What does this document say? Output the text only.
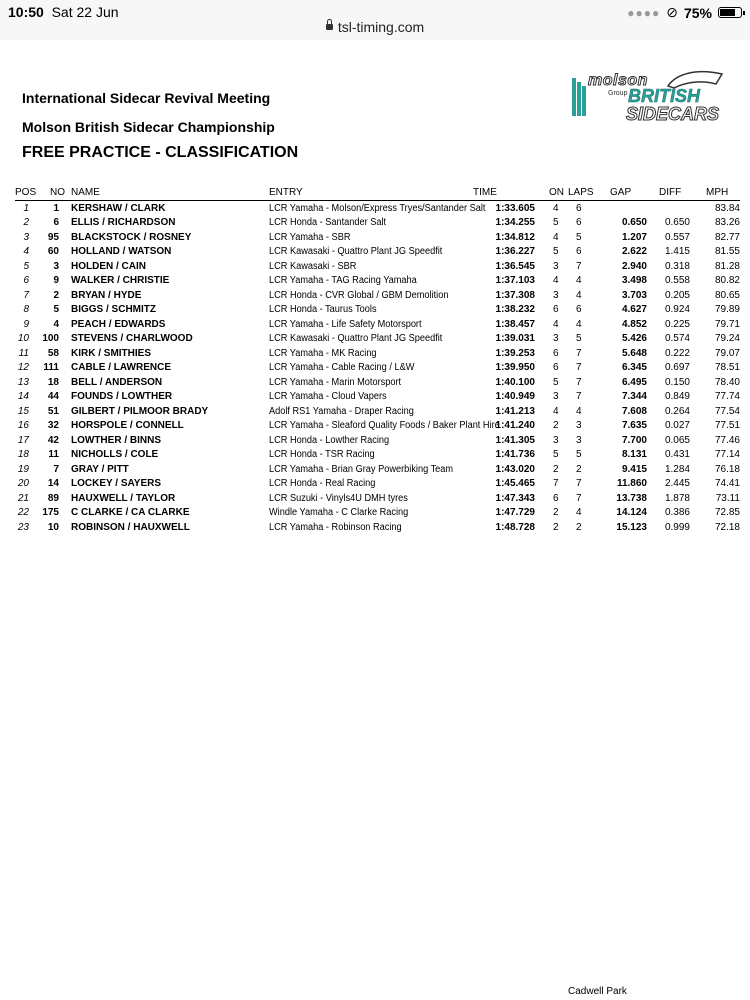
10:50 Sat 22 Jun	●●●● ⊘ 75%
tsl-timing.com
International Sidecar Revival Meeting
Molson British Sidecar Championship
FREE PRACTICE - CLASSIFICATION
molson
Group BRITISH
SIDECARS
POS	NO	NAME	ENTRY	TIME	ON	LAPS	GAP	DIFF	MPH
1	1	KERSHAW / CLARK	LCR Yamaha - Molson/Express Tryes/Santander Salt	1:33.605	4	6			83.84
2	6	ELLIS / RICHARDSON	LCR Honda - Santander Salt	1:34.255	5	6	0.650	0.650	83.26
3	95	BLACKSTOCK / ROSNEY	LCR Yamaha - SBR	1:34.812	4	5	1.207	0.557	82.77
4	60	HOLLAND / WATSON	LCR Kawasaki - Quattro Plant JG Speedfit	1:36.227	5	6	2.622	1.415	81.55
5	3	HOLDEN / CAIN	LCR Kawasaki - SBR	1:36.545	3	7	2.940	0.318	81.28
6	9	WALKER / CHRISTIE	LCR Yamaha - TAG Racing Yamaha	1:37.103	4	4	3.498	0.558	80.82
7	2	BRYAN / HYDE	LCR Honda - CVR Global / GBM Demolition	1:37.308	3	4	3.703	0.205	80.65
8	5	BIGGS / SCHMITZ	LCR Honda - Taurus Tools	1:38.232	6	6	4.627	0.924	79.89
9	4	PEACH / EDWARDS	LCR Yamaha - Life Safety Motorsport	1:38.457	4	4	4.852	0.225	79.71
10	100	STEVENS / CHARLWOOD	LCR Kawasaki - Quattro Plant JG Speedfit	1:39.031	3	5	5.426	0.574	79.24
11	58	KIRK / SMITHIES	LCR Yamaha - MK Racing	1:39.253	6	7	5.648	0.222	79.07
12	111	CABLE / LAWRENCE	LCR Yamaha - Cable Racing / L&W	1:39.950	6	7	6.345	0.697	78.51
13	18	BELL / ANDERSON	LCR Yamaha - Marin Motorsport	1:40.100	5	7	6.495	0.150	78.40
14	44	FOUNDS / LOWTHER	LCR Yamaha - Cloud Vapers	1:40.949	3	7	7.344	0.849	77.74
15	51	GILBERT / PILMOOR BRADY	Adolf RS1 Yamaha - Draper Racing	1:41.213	4	4	7.608	0.264	77.54
16	32	HORSPOLE / CONNELL	LCR Yamaha - Sleaford Quality Foods / Baker Plant Hire	1:41.240	2	3	7.635	0.027	77.51
17	42	LOWTHER / BINNS	LCR Honda - Lowther Racing	1:41.305	3	3	7.700	0.065	77.46
18	11	NICHOLLS / COLE	LCR Honda - TSR Racing	1:41.736	5	5	8.131	0.431	77.14
19	7	GRAY / PITT	LCR Yamaha - Brian Gray Powerbiking Team	1:43.020	2	2	9.415	1.284	76.18
20	14	LOCKEY / SAYERS	LCR Honda - Real Racing	1:45.465	7	7	11.860	2.445	74.41
21	89	HAUXWELL / TAYLOR	LCR Suzuki - Vinyls4U DMH tyres	1:47.343	6	7	13.738	1.878	73.11
22	175	C CLARKE / CA CLARKE	Windle Yamaha - C Clarke Racing	1:47.729	2	4	14.124	0.386	72.85
23	10	ROBINSON / HAUXWELL	LCR Yamaha - Robinson Racing	1:48.728	2	2	15.123	0.999	72.18
Cadwell Park
